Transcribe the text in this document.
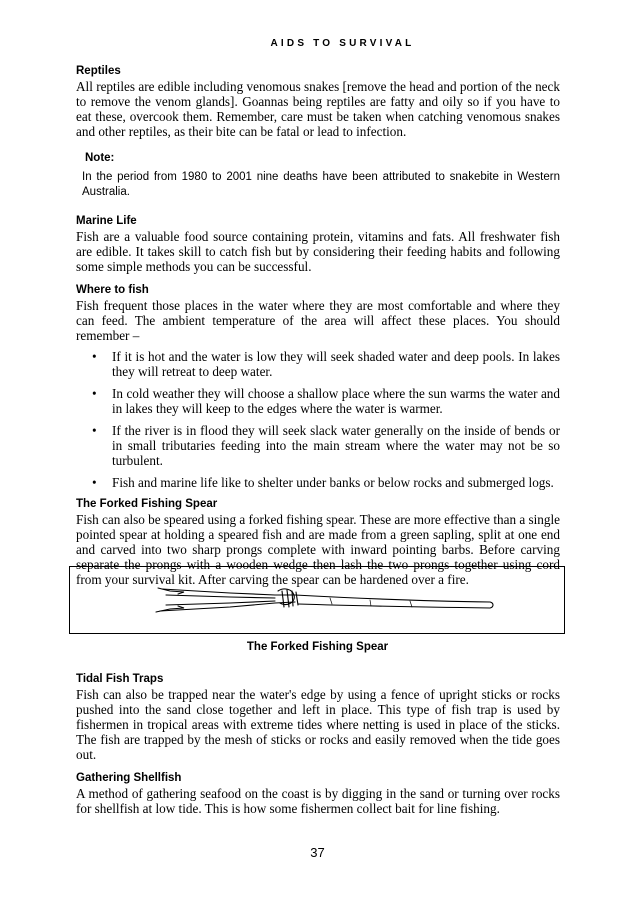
AIDS TO SURVIVAL

Reptiles

All reptiles are edible including venomous snakes [remove the head and portion of the neck to remove the venom glands]. Goannas being reptiles are fatty and oily so if you have to eat these, overcook them. Remember, care must be taken when catching venomous snakes and other reptiles, as their bite can be fatal or lead to infection.

Note:

In the period from 1980 to 2001 nine deaths have been attributed to snakebite in Western Australia.

Marine Life

Fish are a valuable food source containing protein, vitamins and fats. All freshwater fish are edible. It takes skill to catch fish but by considering their feeding habits and following some simple methods you can be successful.

Where to fish

Fish frequent those places in the water where they are most comfortable and where they can feed. The ambient temperature of the area will affect these places. You should remember –

• If it is hot and the water is low they will seek shaded water and deep pools. In lakes they will retreat to deep water.
• In cold weather they will choose a shallow place where the sun warms the water and in lakes they will keep to the edges where the water is warmer.
• If the river is in flood they will seek slack water generally on the inside of bends or in small tributaries feeding into the main stream where the water may not be so turbulent.
• Fish and marine life like to shelter under banks or below rocks and submerged logs.

The Forked Fishing Spear

Fish can also be speared using a forked fishing spear. These are more effective than a single pointed spear at holding a speared fish and are made from a green sapling, split at one end and carved into two sharp prongs complete with inward pointing barbs. Before carving separate the prongs with a wooden wedge then lash the two prongs together using cord from your survival kit. After carving the spear can be hardened over a fire.

The Forked Fishing Spear

Tidal Fish Traps

Fish can also be trapped near the water's edge by using a fence of upright sticks or rocks pushed into the sand close together and left in place. This type of fish trap is used by fishermen in tropical areas with extreme tides where netting is used in place of the sticks. The fish are trapped by the mesh of sticks or rocks and easily removed when the tide goes out.

Gathering Shellfish

A method of gathering seafood on the coast is by digging in the sand or turning over rocks for shellfish at low tide. This is how some fishermen collect bait for line fishing.

37
